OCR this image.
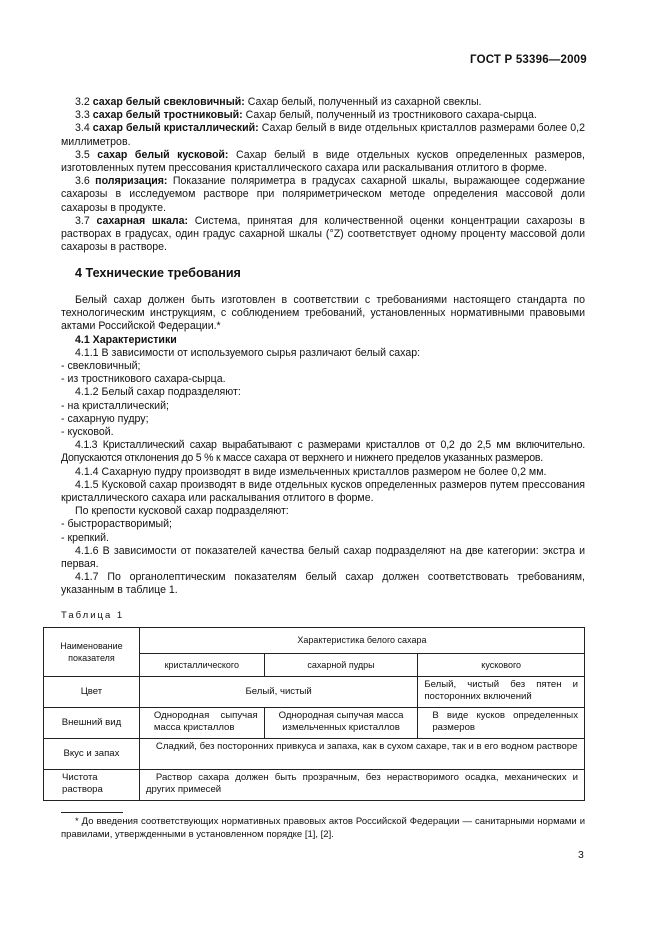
ГОСТ Р 53396—2009

3.2 сахар белый свекловичный: Сахар белый, полученный из сахарной свеклы.

3.3 сахар белый тростниковый: Сахар белый, полученный из тростникового сахара-сырца.

3.4 сахар белый кристаллический: Сахар белый в виде отдельных кристаллов размерами более 0,2 миллиметров.

3.5 сахар белый кусковой: Сахар белый в виде отдельных кусков определенных размеров, изготовленных путем прессования кристаллического сахара или раскалывания отлитого в форме.

3.6 поляризация: Показание поляриметра в градусах сахарной шкалы, выражающее содержание сахарозы в исследуемом растворе при поляриметрическом методе определения массовой доли сахарозы в продукте.

3.7 сахарная шкала: Система, принятая для количественной оценки концентрации сахарозы в растворах в градусах, один градус сахарной шкалы (°Z) соответствует одному проценту массовой доли сахарозы в растворе.

4 Технические требования

Белый сахар должен быть изготовлен в соответствии с требованиями настоящего стандарта по технологическим инструкциям, с соблюдением требований, установленных нормативными правовыми актами Российской Федерации.*

4.1 Характеристики

4.1.1 В зависимости от используемого сырья различают белый сахар:

- свекловичный;

- из тростникового сахара-сырца.

4.1.2 Белый сахар подразделяют:

- на кристаллический;

- сахарную пудру;

- кусковой.

4.1.3 Кристаллический сахар вырабатывают с размерами кристаллов от 0,2 до 2,5 мм включительно. Допускаются отклонения до 5 % к массе сахара от верхнего и нижнего пределов указанных размеров.

4.1.4 Сахарную пудру производят в виде измельченных кристаллов размером не более 0,2 мм.

4.1.5 Кусковой сахар производят в виде отдельных кусков определенных размеров путем прессования кристаллического сахара или раскалывания отлитого в форме.

По крепости кусковой сахар подразделяют:

- быстрорастворимый;

- крепкий.

4.1.6 В зависимости от показателей качества белый сахар подразделяют на две категории: экстра и первая.

4.1.7 По органолептическим показателям белый сахар должен соответствовать требованиям, указанным в таблице 1.

Таблица 1
Наименование показателя	Характеристика белого сахара		
	кристаллического	сахарной пудры	кускового
Цвет	Белый, чистый		Белый, чистый без пятен и посторонних включений
Внешний вид	Однородная сыпучая масса кристаллов	Однородная сыпучая масса измельченных кристаллов	В виде кусков определенных размеров
Вкус и запах	Сладкий, без посторонних привкуса и запаха, как в сухом сахаре, так и в его водном растворе		
Чистота раствора	Раствор сахара должен быть прозрачным, без нерастворимого осадка, механических и других примесей		
* До введения соответствующих нормативных правовых актов Российской Федерации — санитарными нормами и правилами, утвержденными в установленном порядке [1], [2].
3
